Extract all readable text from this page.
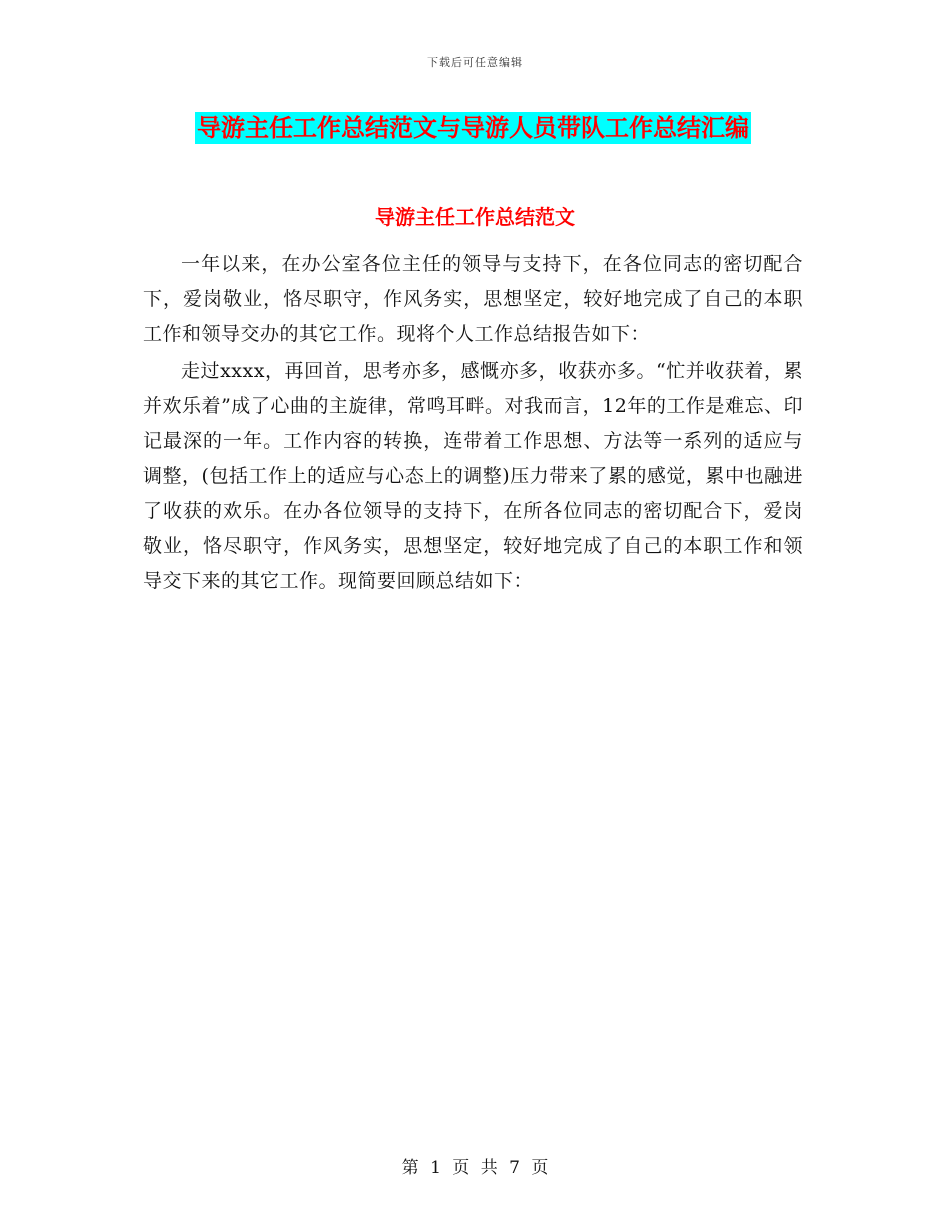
下载后可任意编辑
导游主任工作总结范文与导游人员带队工作总结汇编
导游主任工作总结范文

一年以来，在办公室各位主任的领导与支持下，在各位同志的密切配合下，爱岗敬业，恪尽职守，作风务实，思想坚定，较好地完成了自己的本职工作和领导交办的其它工作。现将个人工作总结报告如下：

走过xxxx，再回首，思考亦多，感慨亦多，收获亦多。“忙并收获着，累并欢乐着”成了心曲的主旋律，常鸣耳畔。对我而言，12年的工作是难忘、印记最深的一年。工作内容的转换，连带着工作思想、方法等一系列的适应与调整，(包括工作上的适应与心态上的调整)压力带来了累的感觉，累中也融进了收获的欢乐。在办各位领导的支持下，在所各位同志的密切配合下，爱岗敬业，恪尽职守，作风务实，思想坚定，较好地完成了自己的本职工作和领导交下来的其它工作。现简要回顾总结如下：

第 1 页 共 7 页
